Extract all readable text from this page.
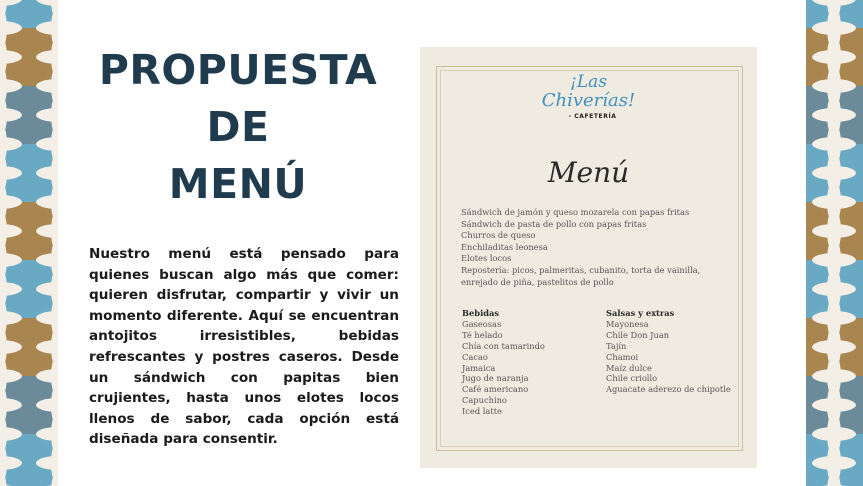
PROPUESTA
DE
MENÚ

Nuestro menú está pensado para quienes buscan algo más que comer: quieren disfrutar, compartir y vivir un momento diferente. Aquí se encuentran antojitos irresistibles, bebidas refrescantes y postres caseros. Desde un sándwich con papitas bien crujientes, hasta unos elotes locos llenos de sabor, cada opción está diseñada para consentir.

¡Las
Chiverías!
- CAFETERÍA
Menú
Sándwich de jamón y queso mozarela con papas fritas
Sándwich de pasta de pollo con papas fritas
Churros de queso
Enchiladitas leonesa
Elotes locos
Repostería: picos, palmeritas, cubanito, torta de vainilla,
enrejado de piña, pastelitos de pollo
Bebidas
Gaseosas
Té helado
Chía con tamarindo
Cacao
Jamaica
Jugo de naranja
Café americano
Capuchino
Iced latte
Salsas y extras
Mayonesa
Chile Don Juan
Tajín
Chamoi
Maíz dulce
Chile criollo
Aguacate aderezo de chipotle
